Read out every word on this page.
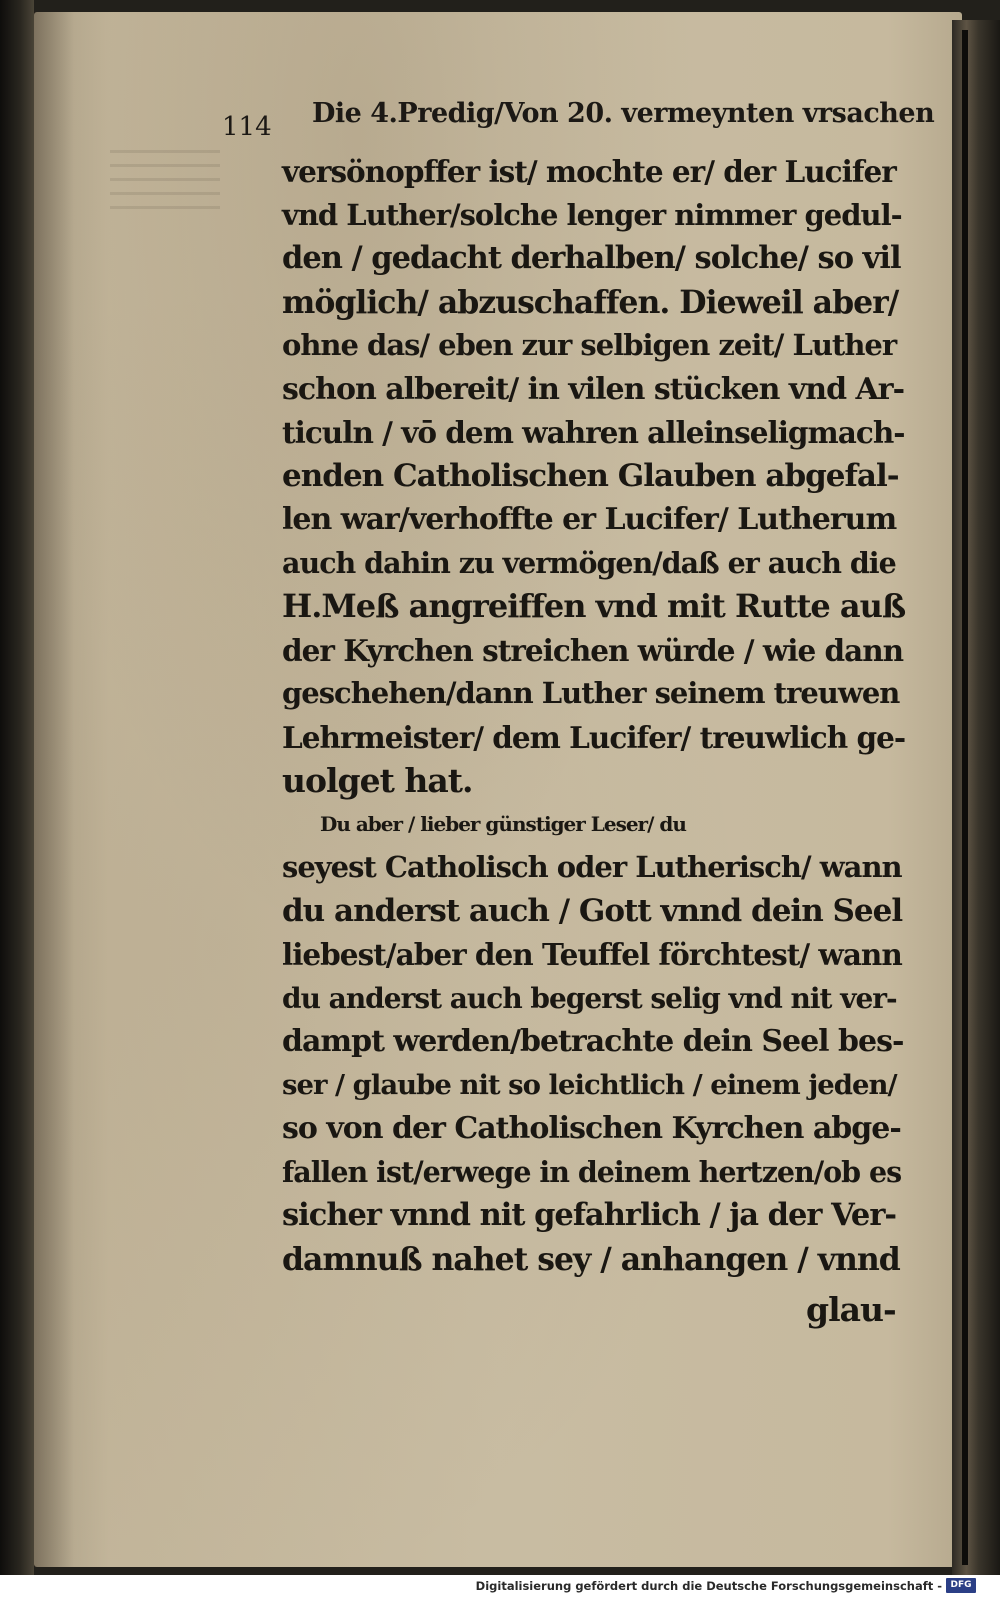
114 Die 4.Predig/Von 20. vermeynten vrsachen
versönopffer ist/ mochte er/ der Lucifer
vnd Luther/solche lenger nimmer gedul-
den / gedacht derhalben/ solche/ so vil
möglich/ abzuschaffen. Dieweil aber/
ohne das/ eben zur selbigen zeit/ Luther
schon albereit/ in vilen stücken vnd Ar-
ticuln / vō dem wahren alleinseligmach-
enden Catholischen Glauben abgefal-
len war/verhoffte er Lucifer/ Lutherum
auch dahin zu vermögen/daß er auch die
H.Meß angreiffen vnd mit Rutte auß
der Kyrchen streichen würde / wie dann
geschehen/dann Luther seinem treuwen
Lehrmeister/ dem Lucifer/ treuwlich ge-
uolget hat.
Du aber / lieber günstiger Leser/ du
seyest Catholisch oder Lutherisch/ wann
du anderst auch / Gott vnnd dein Seel
liebest/aber den Teuffel förchtest/ wann
du anderst auch begerst selig vnd nit ver-
dampt werden/betrachte dein Seel bes-
ser / glaube nit so leichtlich / einem jeden/
so von der Catholischen Kyrchen abge-
fallen ist/erwege in deinem hertzen/ob es
sicher vnnd nit gefahrlich / ja der Ver-
damnuß nahet sey / anhangen / vnnd
glau-
Digitalisierung gefördert durch die Deutsche Forschungsgemeinschaft - DFG
